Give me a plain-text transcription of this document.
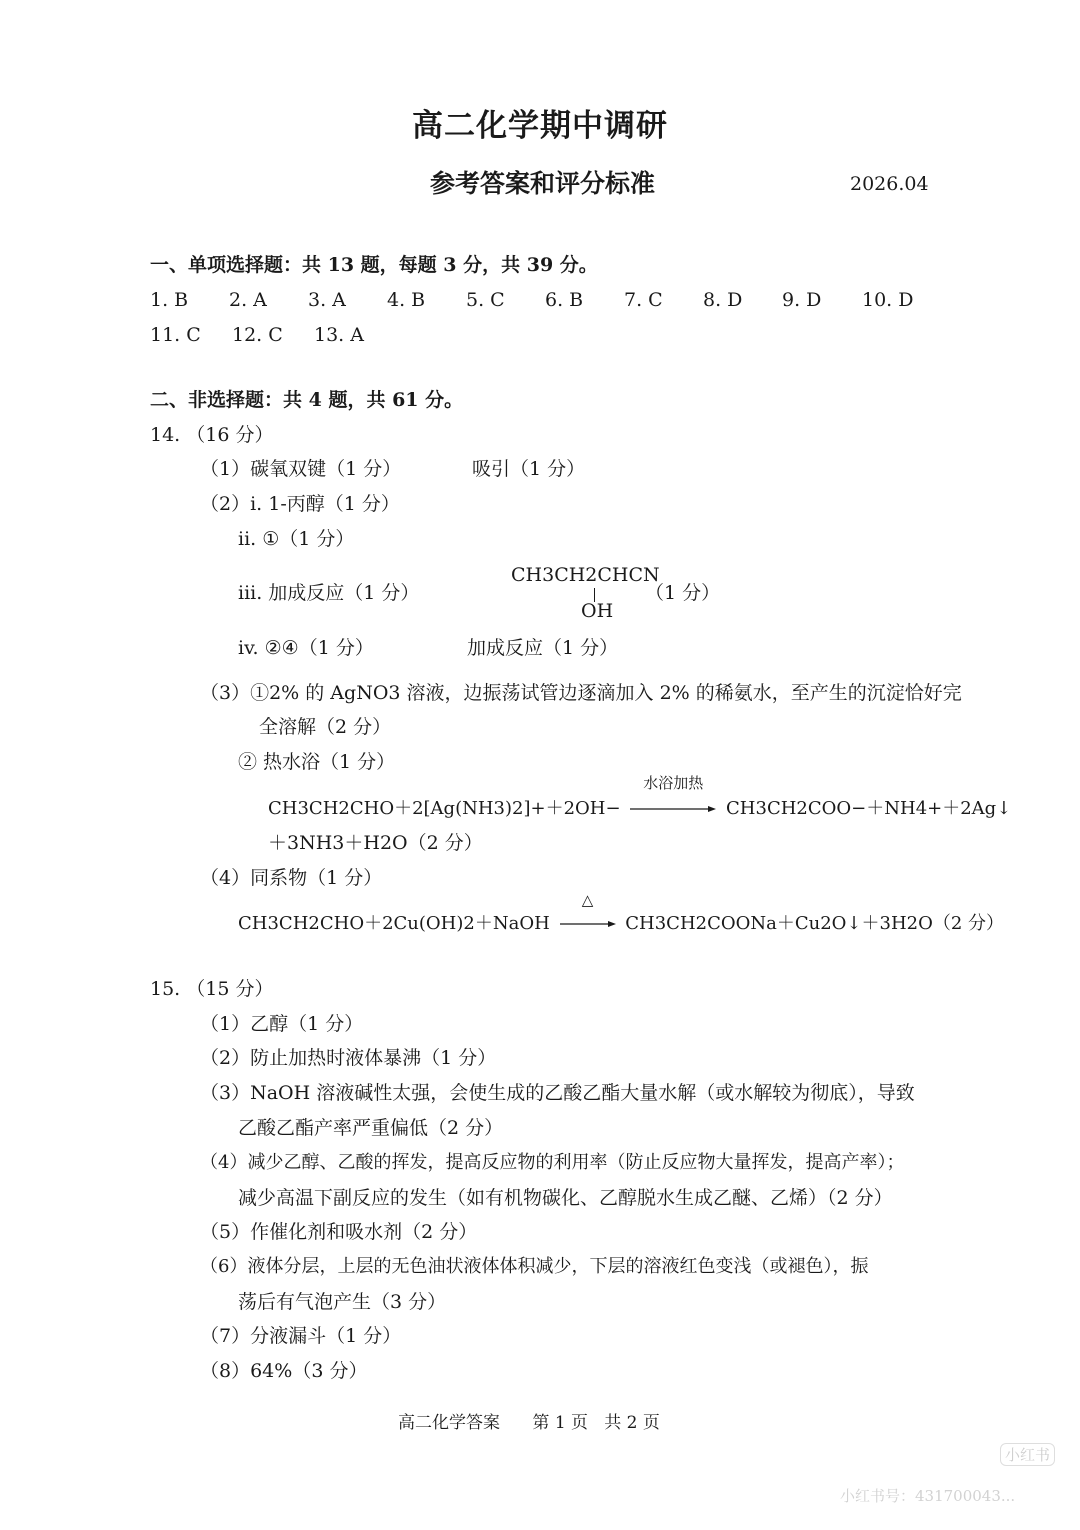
高二化学期中调研
参考答案和评分标准	2026.04
一、单项选择题：共 13 题，每题 3 分，共 39 分。
1. B 2. A 3. A 4. B 5. C 6. B 7. C 8. D 9. D 10. D
11. C 12. C 13. A
二、非选择题：共 4 题，共 61 分。
14. （16 分）
（1）碳氧双键（1 分）	吸引（1 分）
（2）i. 1-丙醇（1 分）
ii. ①（1 分）
iii. 加成反应（1 分）
CH3CH2CHCN
OH
（1 分）
iv. ②④（1 分）	加成反应（1 分）
（3）①2% 的 AgNO3 溶液，边振荡试管边逐滴加入 2% 的稀氨水，至产生的沉淀恰好完
全溶解（2 分）
② 热水浴（1 分）
CH3CH2CHO＋2[Ag(NH3)2]+＋2OH−
水浴加热
CH3CH2COO−＋NH4+＋2Ag↓
＋3NH3＋H2O（2 分）
（4）同系物（1 分）
CH3CH2CHO＋2Cu(OH)2＋NaOH
△
CH3CH2COONa＋Cu2O↓＋3H2O（2 分）
15. （15 分）
（1）乙醇（1 分）
（2）防止加热时液体暴沸（1 分）
（3）NaOH 溶液碱性太强，会使生成的乙酸乙酯大量水解（或水解较为彻底），导致
乙酸乙酯产率严重偏低（2 分）
（4）减少乙醇、乙酸的挥发，提高反应物的利用率（防止反应物大量挥发，提高产率）；
减少高温下副反应的发生（如有机物碳化、乙醇脱水生成乙醚、乙烯）（2 分）
（5）作催化剂和吸水剂（2 分）
（6）液体分层，上层的无色油状液体体积减少，下层的溶液红色变浅（或褪色），振
荡后有气泡产生（3 分）
（7）分液漏斗（1 分）
（8）64%（3 分）
高二化学答案      第 1 页   共 2 页
小红书
小红书号：431700043...
